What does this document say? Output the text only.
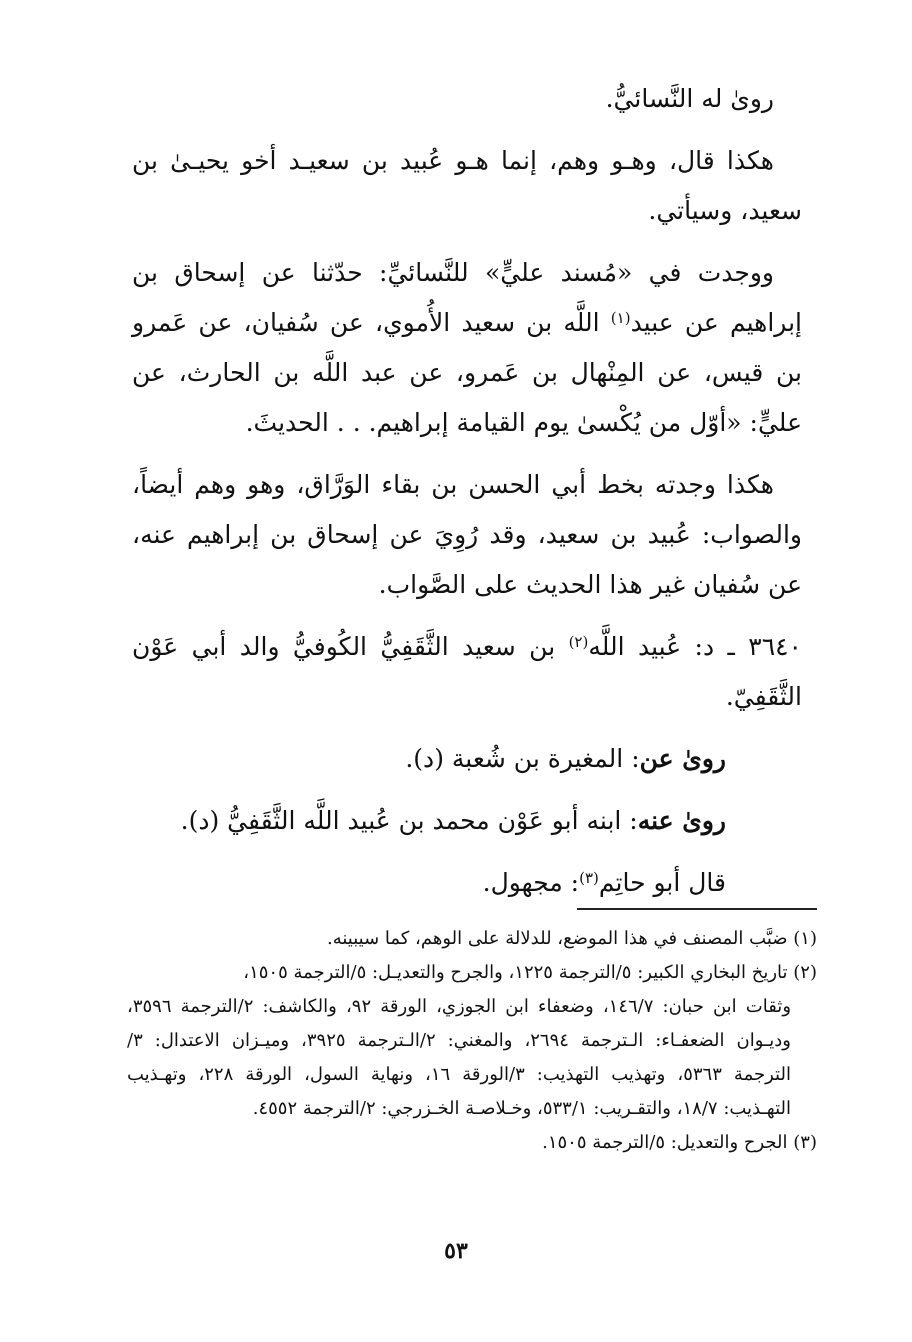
روىٰ له النَّسائيُّ.

هكذا قال، وهـو وهم، إنما هـو عُبيد بن سعيـد أخو يحيـىٰ بن سعيد، وسيأتي.

ووجدت في «مُسند عليٍّ» للنَّسائيِّ: حدّثنا عن إسحاق بن إبراهيم عن عبيد$^{(١)}$ اللَّه بن سعيد الأُموي، عن سُفيان، عن عَمرو بن قيس، عن المِنْهال بن عَمرو، عن عبد اللَّه بن الحارث، عن عليٍّ: «أوّل من يُكْسىٰ يوم القيامة إبراهيم. . . الحديثَ.

هكذا وجدته بخط أبي الحسن بن بقاء الوَرَّاق، وهو وهم أيضاً، والصواب: عُبيد بن سعيد، وقد رُوِيَ عن إسحاق بن إبراهيم عنه، عن سُفيان غير هذا الحديث على الصَّواب.

٣٦٤٠ ـ د: عُبيد اللَّه$^{(٢)}$ بن سعيد الثَّقَفِيُّ الكُوفيُّ والد أبي عَوْن الثَّقَفِيّ.

روىٰ عن: المغيرة بن شُعبة (د).

روىٰ عنه: ابنه أبو عَوْن محمد بن عُبيد اللَّه الثَّقَفِيُّ (د).

قال أبو حاتِم$^{(٣)}$: مجهول.

(١) ضبَّب المصنف في هذا الموضع، للدلالة على الوهم، كما سيبينه.

(٢) تاريخ البخاري الكبير: ٥/الترجمة ١٢٢٥، والجرح والتعديـل: ٥/الترجمة ١٥٠٥،
وثقات ابن حبان: ١٤٦/٧، وضعفاء ابن الجوزي، الورقة ٩٢، والكاشف: ٢/الترجمة ٣٥٩٦، وديـوان الضعفـاء: الـترجمة ٢٦٩٤، والمغني: ٢/الـترجمة ٣٩٢٥، وميـزان الاعتدال: ٣/الترجمة ٥٣٦٣، وتهذيب التهذيب: ٣/الورقة ١٦، ونهاية السول، الورقة ٢٢٨، وتهـذيب التهـذيب: ١٨/٧، والتقـريب: ٥٣٣/١، وخـلاصـة الخـزرجي: ٢/الترجمة ٤٥٥٢.

(٣) الجرح والتعديل: ٥/الترجمة ١٥٠٥.

٥٣
